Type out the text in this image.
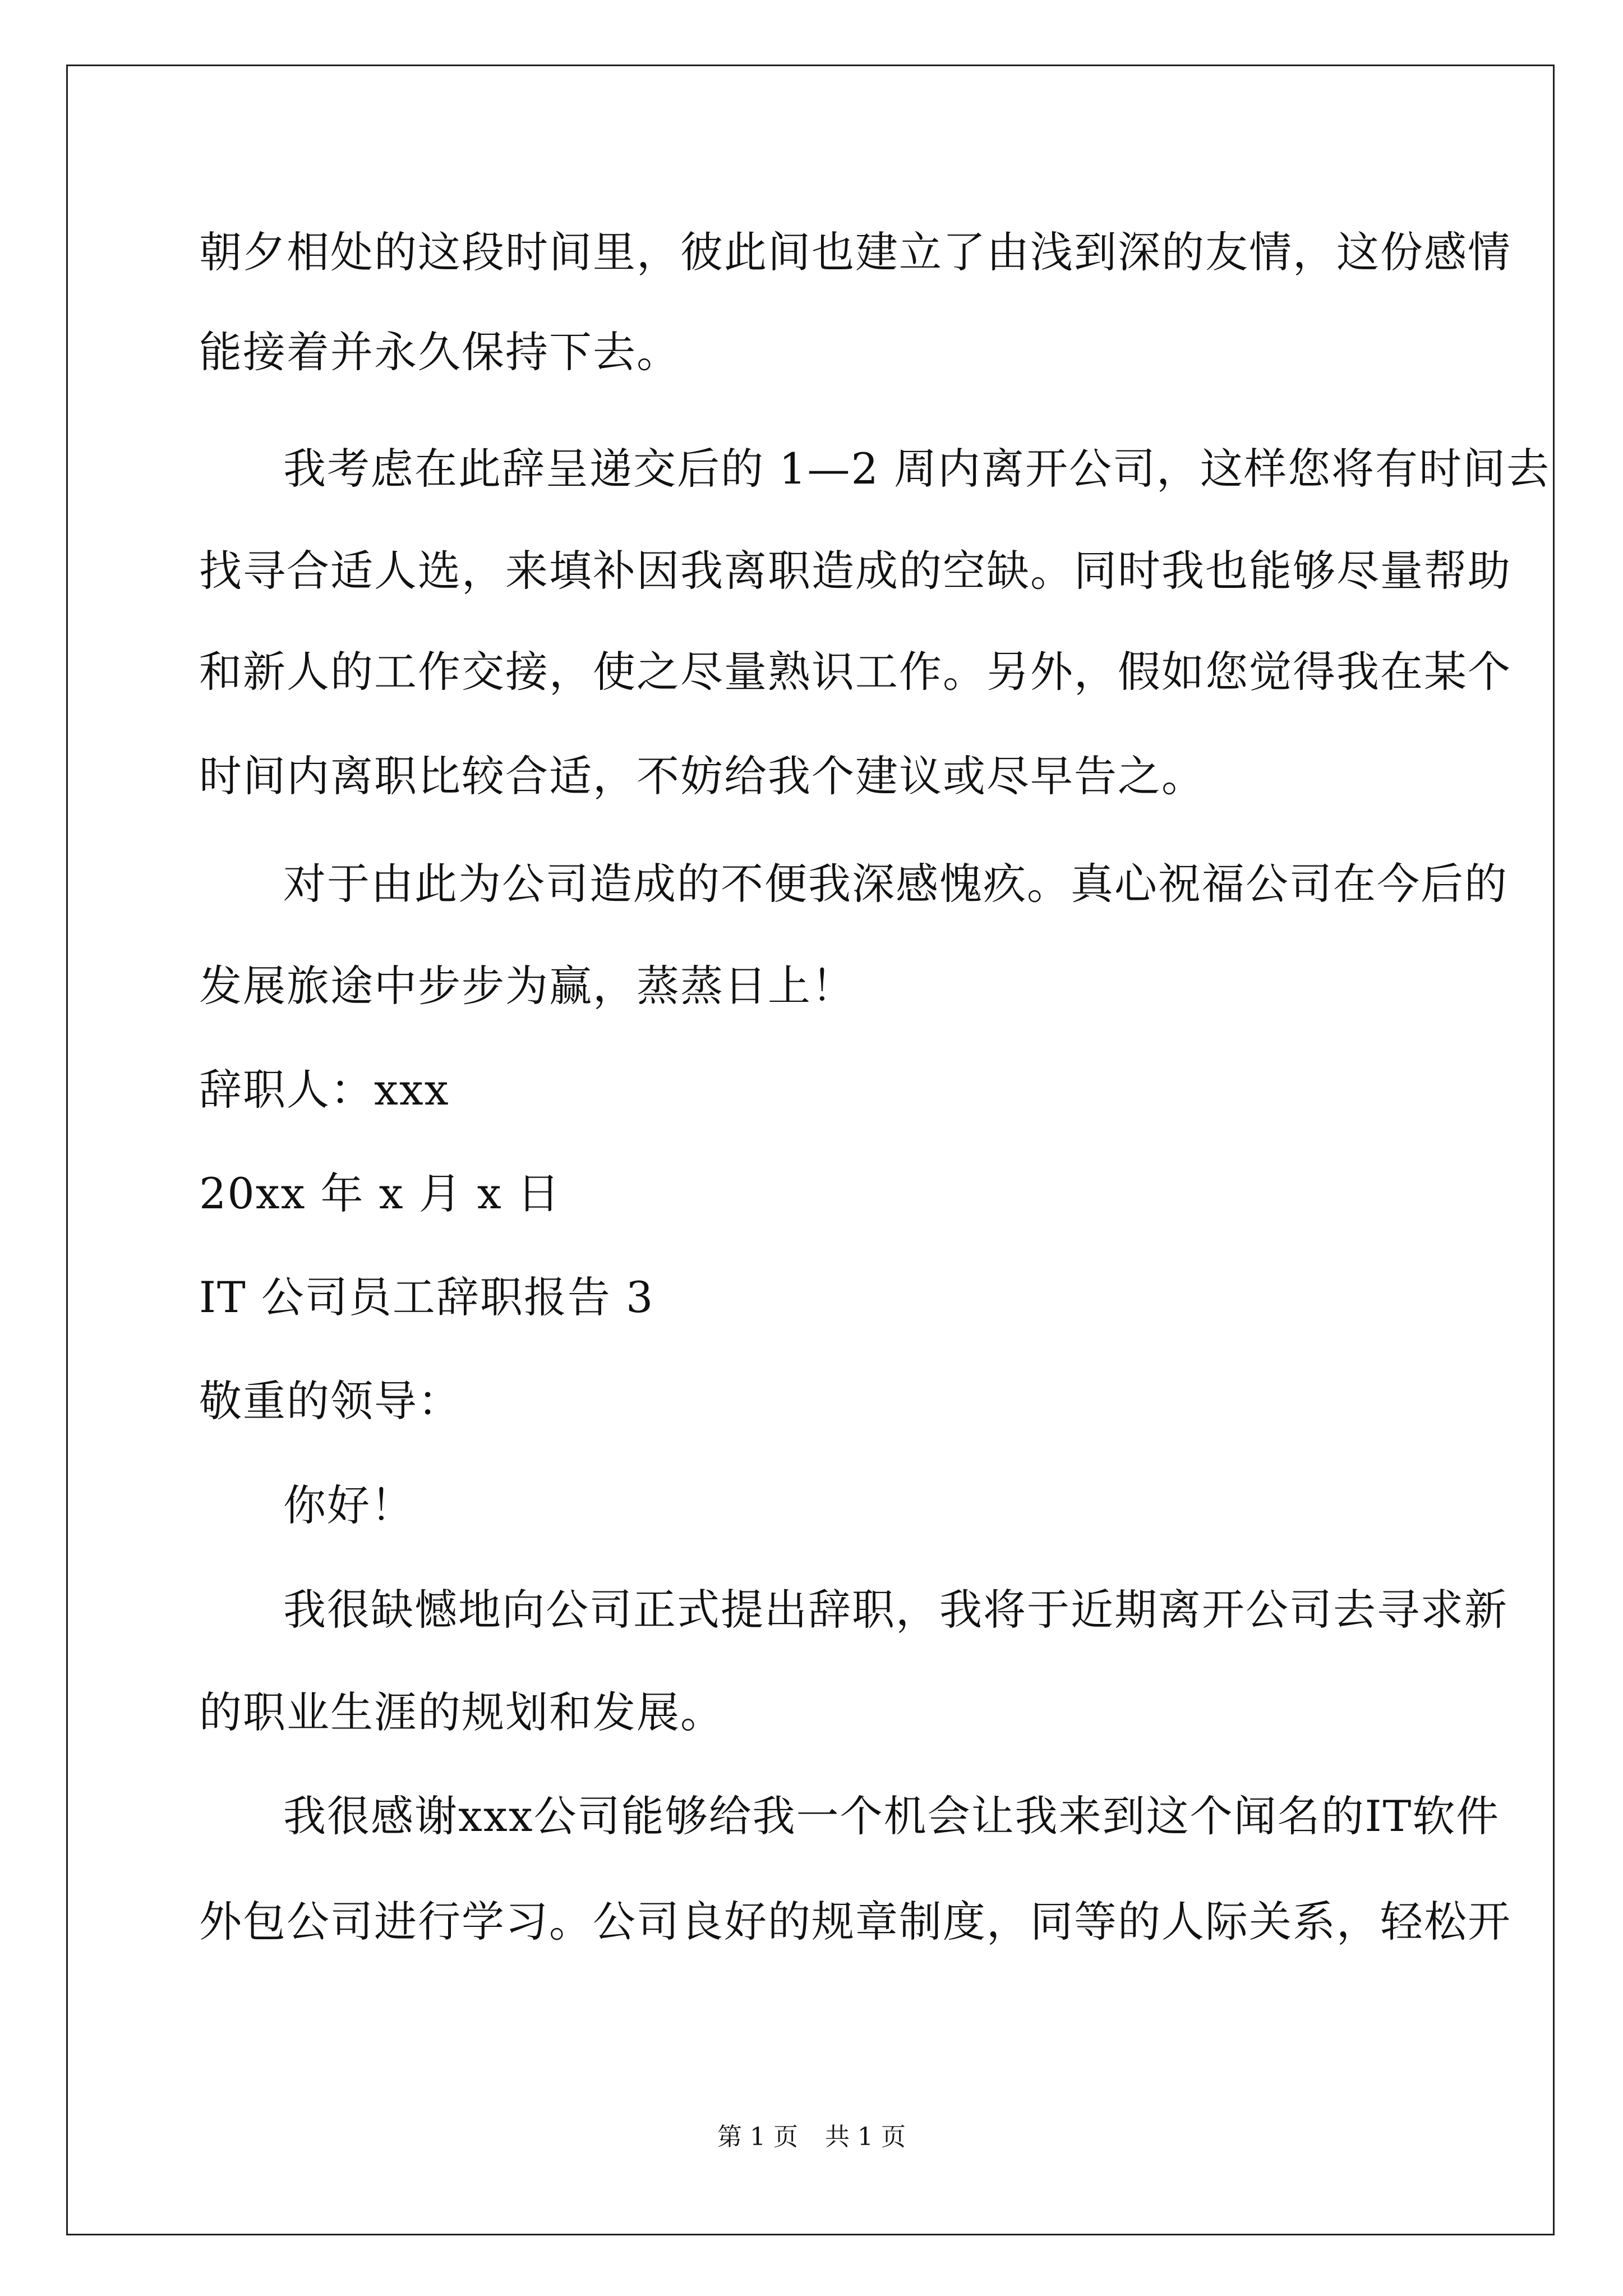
朝夕相处的这段时间里，彼此间也建立了由浅到深的友情，这份感情
能接着并永久保持下去。
我考虑在此辞呈递交后的 1—2 周内离开公司，这样您将有时间去
找寻合适人选，来填补因我离职造成的空缺。同时我也能够尽量帮助
和新人的工作交接，使之尽量熟识工作。另外，假如您觉得我在某个
时间内离职比较合适，不妨给我个建议或尽早告之。
对于由此为公司造成的不便我深感愧疚。真心祝福公司在今后的
发展旅途中步步为赢，蒸蒸日上！
辞职人：xxx
20xx 年 x 月 x 日
IT 公司员工辞职报告 3
敬重的领导：
你好！
我很缺憾地向公司正式提出辞职，我将于近期离开公司去寻求新
的职业生涯的规划和发展。
我很感谢xxx公司能够给我一个机会让我来到这个闻名的IT软件
外包公司进行学习。公司良好的规章制度，同等的人际关系，轻松开
第 1 页 共 1 页
